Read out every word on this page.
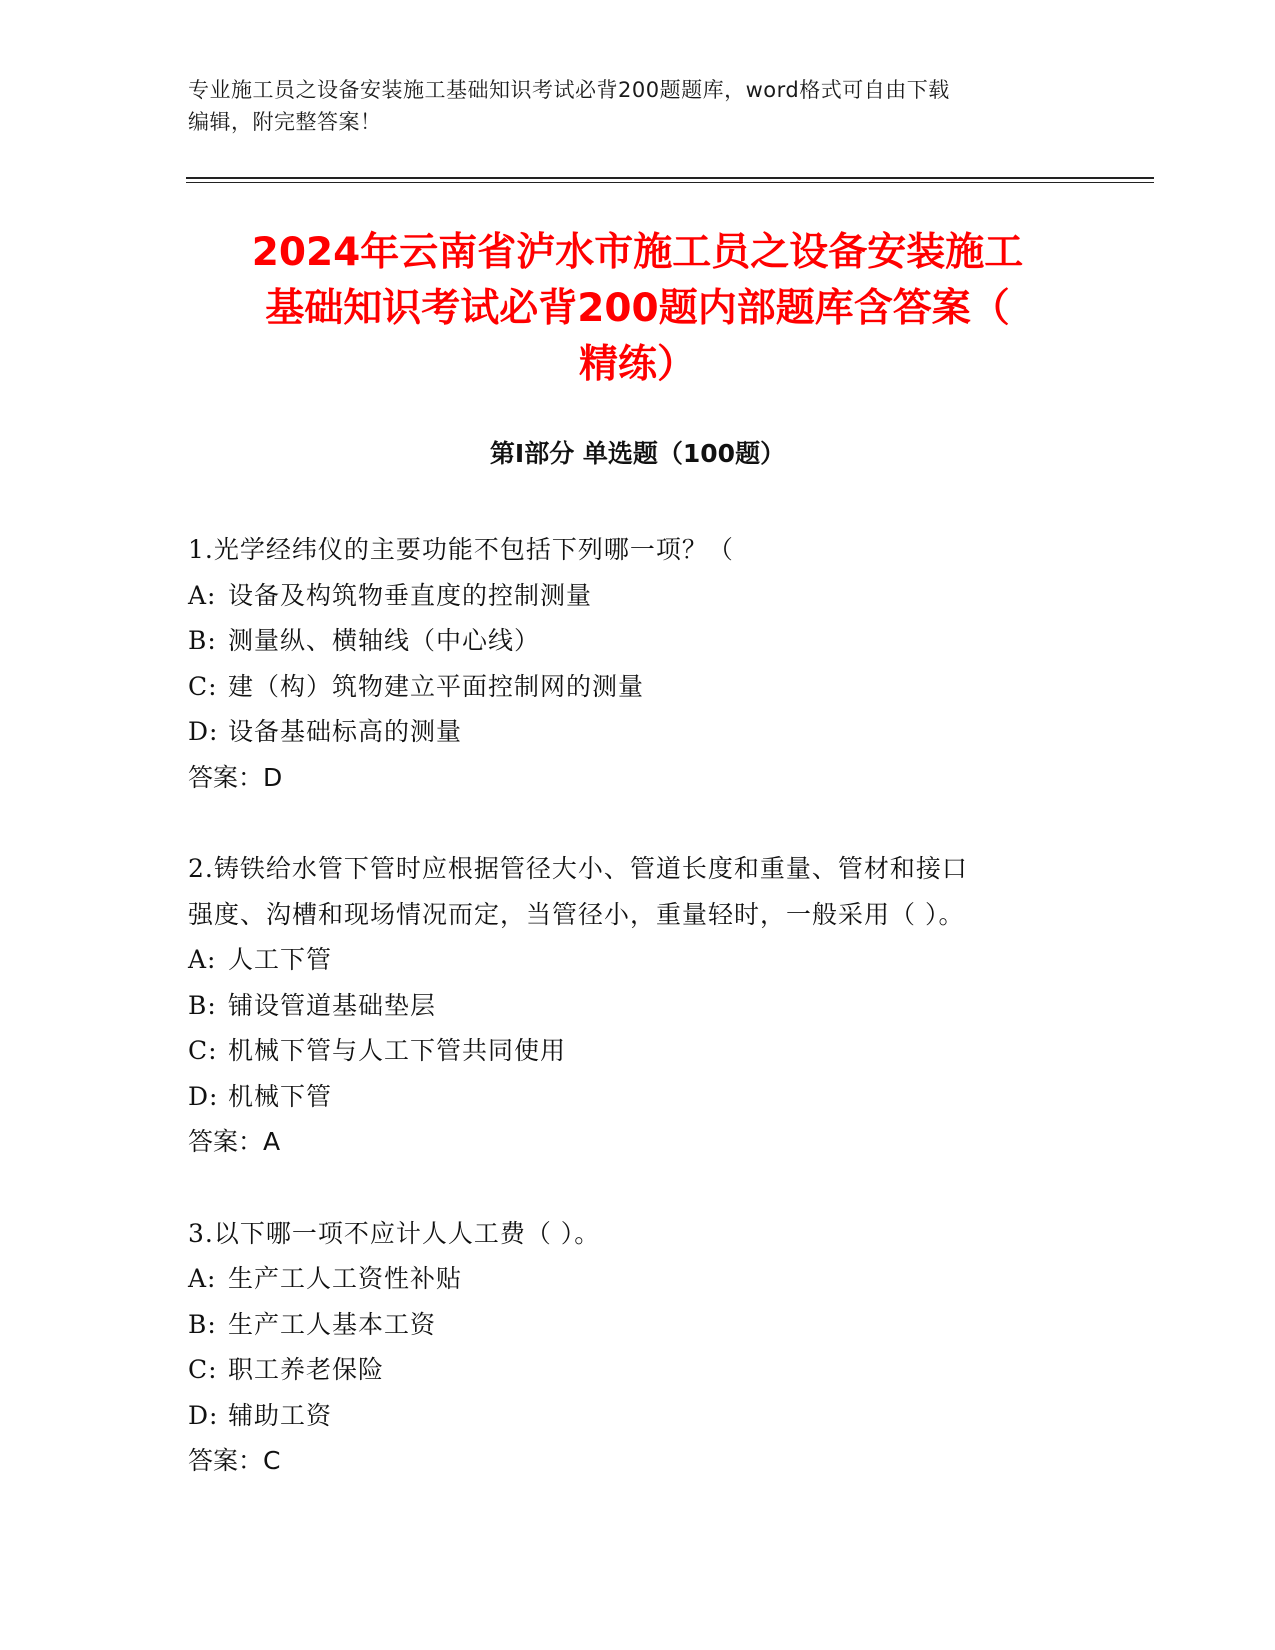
专业施工员之设备安装施工基础知识考试必背200题题库，word格式可自由下载
编辑，附完整答案！
2024年云南省泸水市施工员之设备安装施工
基础知识考试必背200题内部题库含答案（
精练）
第Ⅰ部分 单选题（100题）

1.光学经纬仪的主要功能不包括下列哪一项？（

A: 设备及构筑物垂直度的控制测量

B: 测量纵、横轴线（中心线）

C: 建（构）筑物建立平面控制网的测量

D: 设备基础标高的测量

答案：D

2.铸铁给水管下管时应根据管径大小、管道长度和重量、管材和接口

强度、沟槽和现场情况而定，当管径小，重量轻时，一般采用（ ）。

A: 人工下管

B: 铺设管道基础垫层

C: 机械下管与人工下管共同使用

D: 机械下管

答案：A

3.以下哪一项不应计人人工费（ ）。

A: 生产工人工资性补贴

B: 生产工人基本工资

C: 职工养老保险

D: 辅助工资

答案：C
